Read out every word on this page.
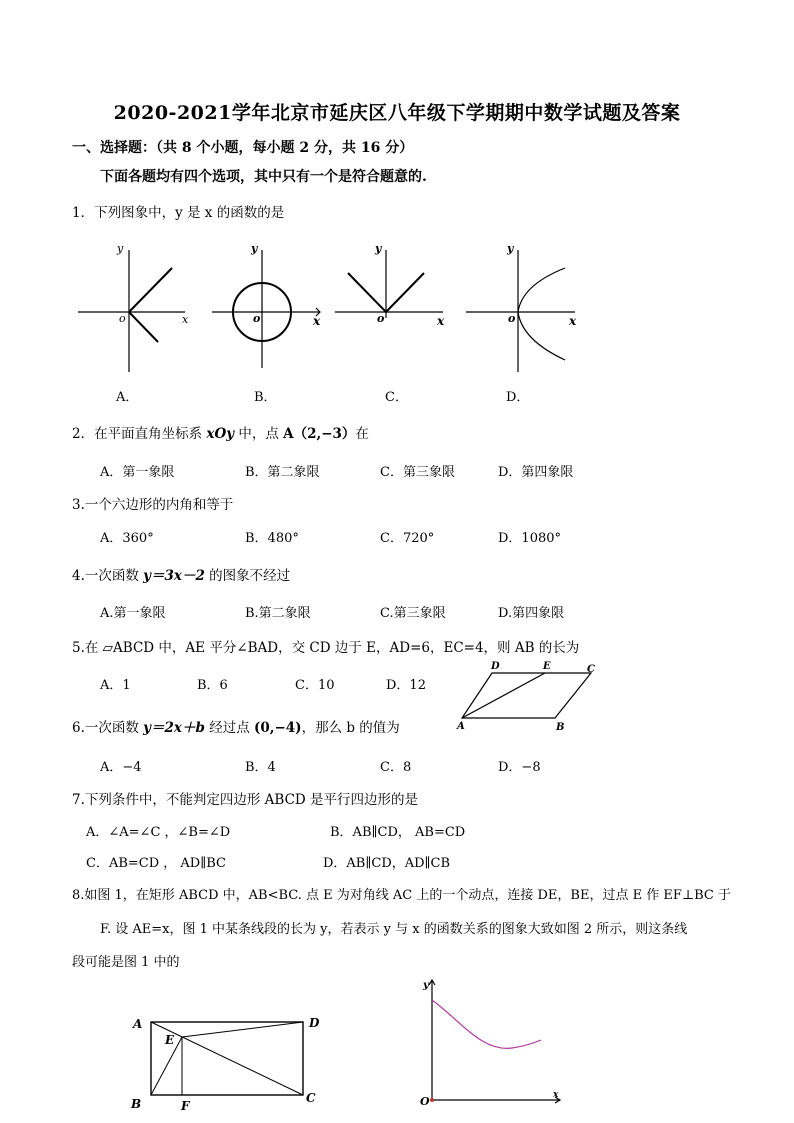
2020-2021学年北京市延庆区八年级下学期期中数学试题及答案
一、选择题：（共 8 个小题，每小题 2 分，共 16 分）
下面各题均有四个选项，其中只有一个是符合题意的.
1．下列图象中，y 是 x 的函数的是
y
o	x
y
o	x
y
o	x
y
o	x
A．	B．	C．	D．
2．在平面直角坐标系 xOy 中，点 A（2,−3）在
A．第一象限	B．第二象限	C．第三象限	D．第四象限
3.一个六边形的内角和等于
A．360°	B．480°	C．720°	D．1080°
4.一次函数 y＝3x－2 的图象不经过
A.第一象限	B.第二象限	C.第三象限	D.第四象限
5.在 ▱ABCD 中，AE 平分∠BAD，交 CD 边于 E，AD=6，EC=4，则 AB 的长为
A．1	B．6	C．10	D．12
D	E	C
A	B
6.一次函数 y＝2x＋b 经过点 (0,−4)，那么 b 的值为
A．−4	B．4	C．8	D．−8
7.下列条件中，不能判定四边形 ABCD 是平行四边形的是
A．∠A=∠C ，∠B=∠D	B．AB∥CD， AB=CD
C．AB=CD ， AD∥BC	D．AB∥CD，AD∥CB
8.如图 1，在矩形 ABCD 中，AB<BC. 点 E 为对角线 AC 上的一个动点，连接 DE，BE，过点 E 作 EF⊥BC 于
F. 设 AE=x，图 1 中某条线段的长为 y，若表示 y 与 x 的函数关系的图象大致如图 2 所示，则这条线
段可能是图 1 中的
A	D
E
B	F
C
y
O	x
